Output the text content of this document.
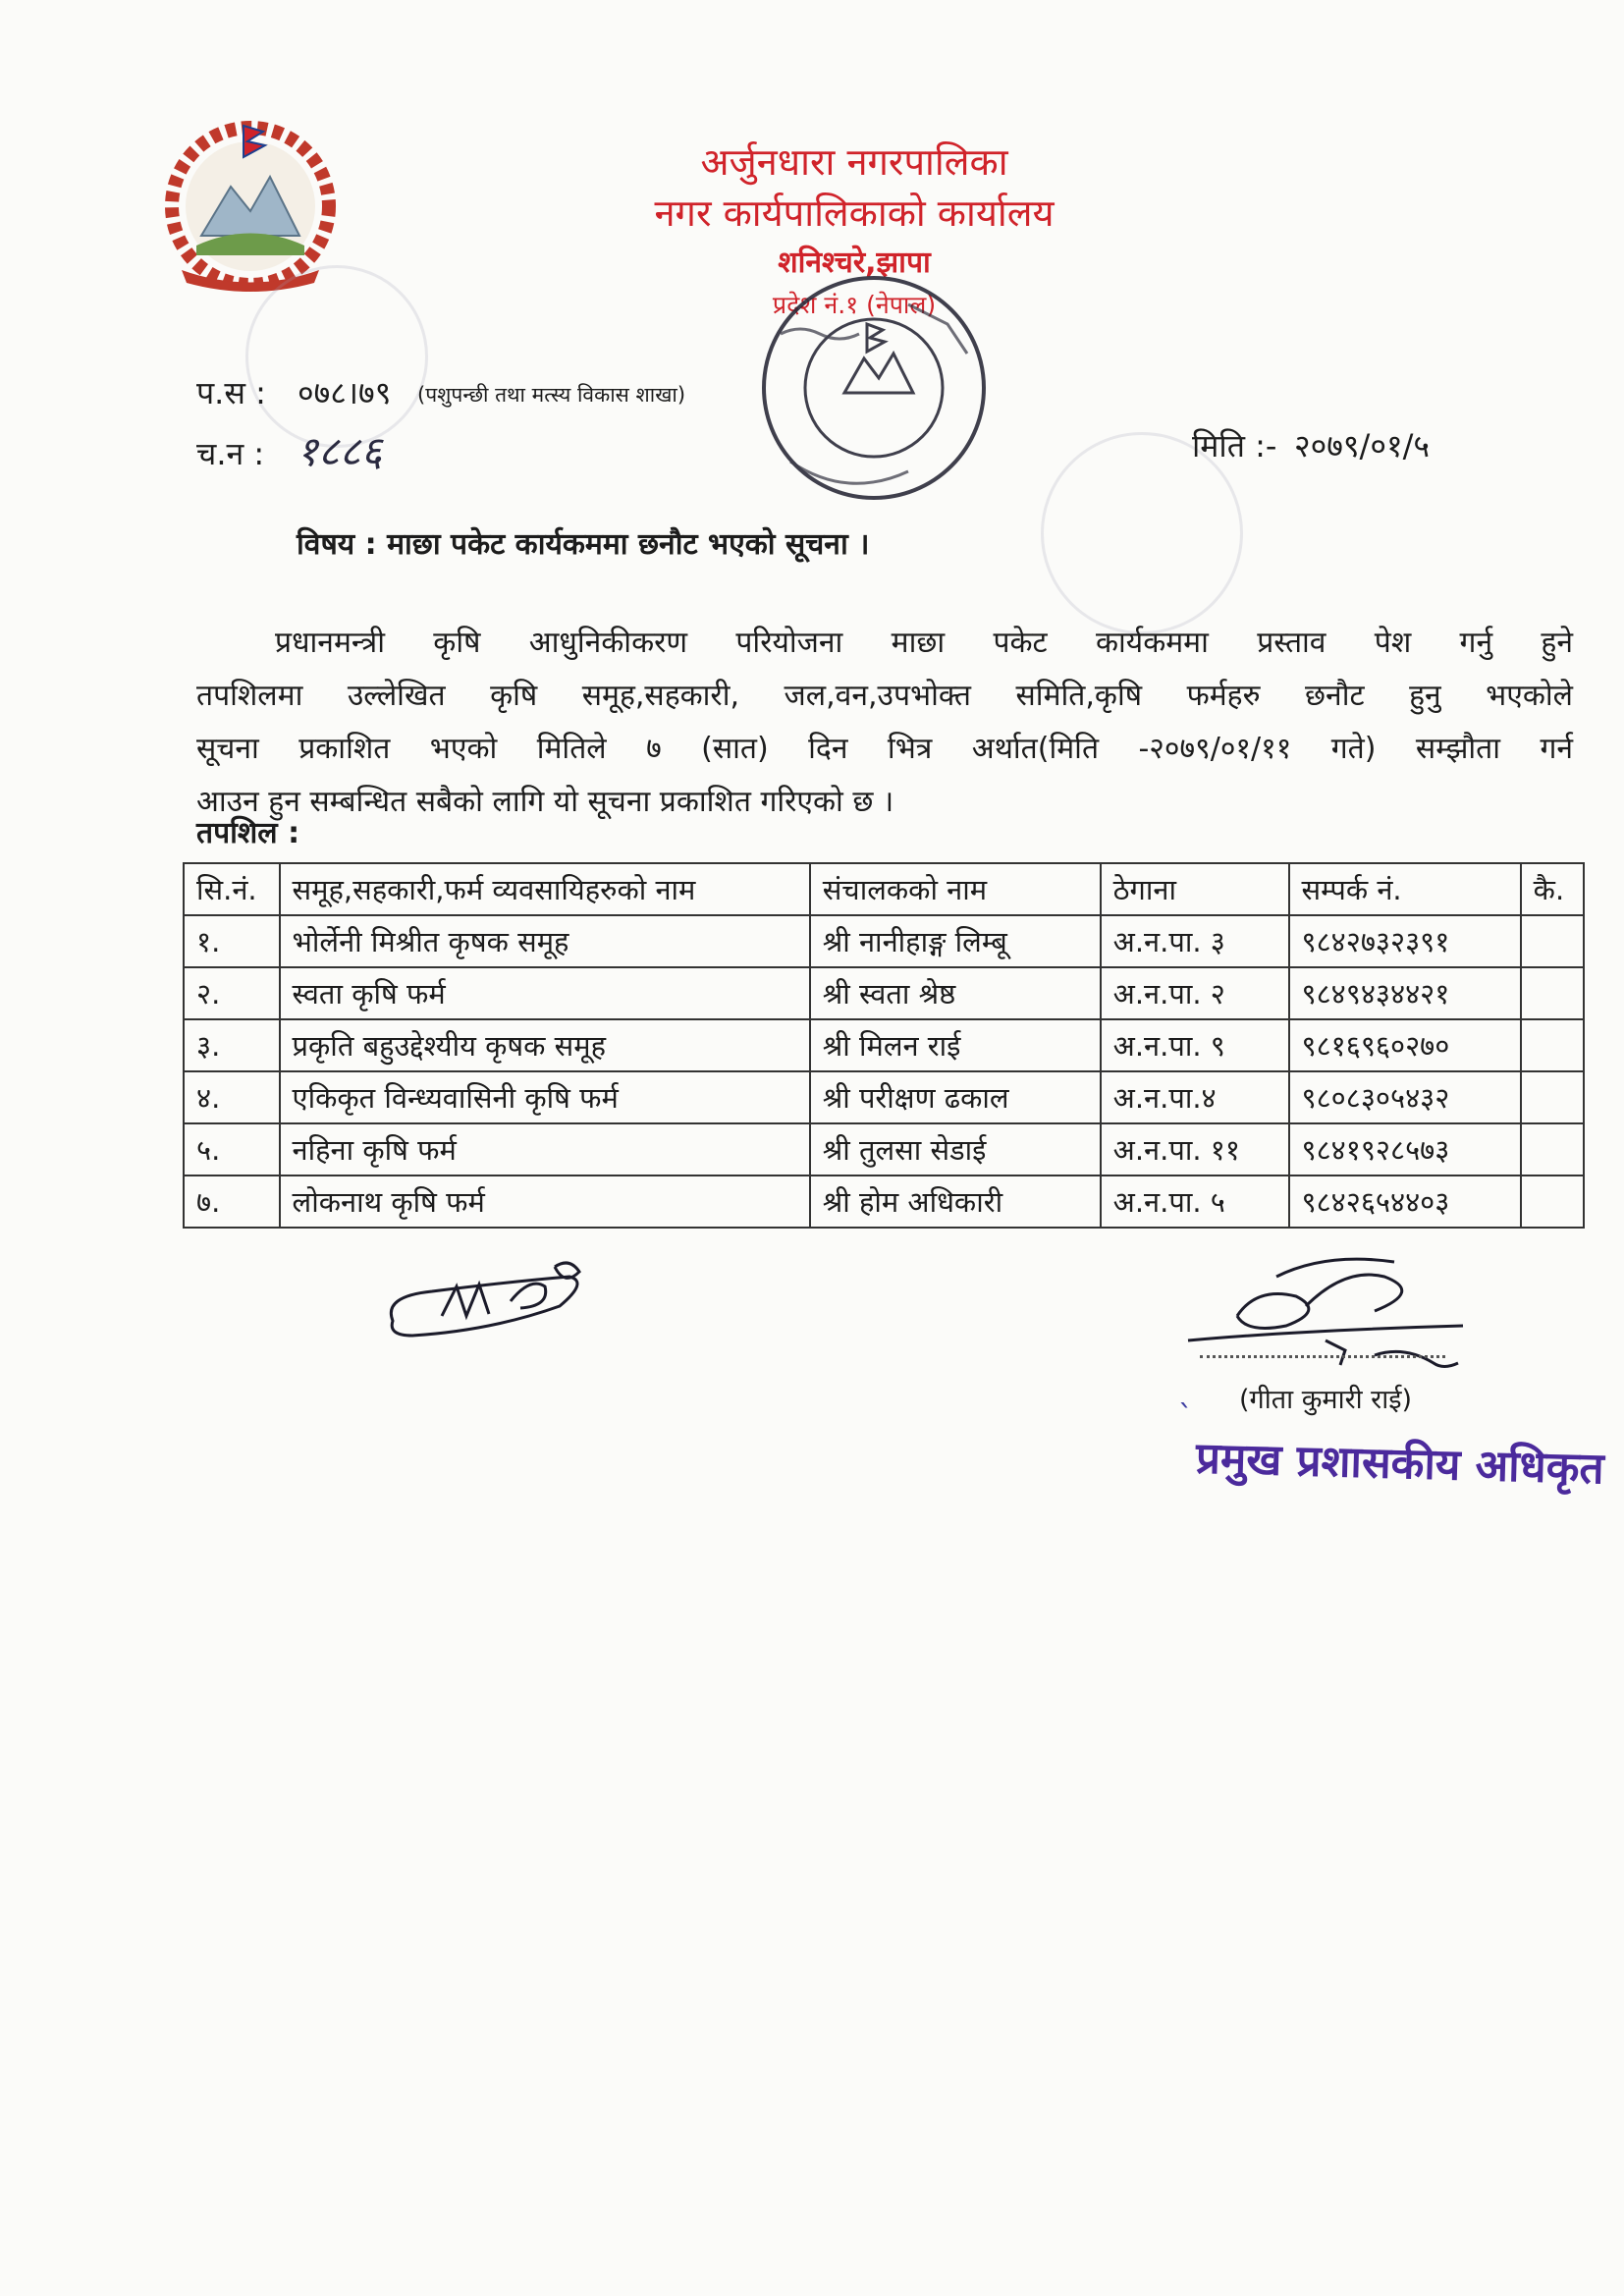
अर्जुनधारा नगरपालिका
नगर कार्यपालिकाको कार्यालय
शनिश्चरे,झापा
प्रदेश नं.१ (नेपाल)
प.स : ०७८।७९ (पशुपन्छी तथा मत्स्य विकास शाखा)
च.न : १८८६	मिति :- २०७९/०१/५
विषय : माछा पकेट कार्यकममा छनौट भएको सूचना ।

प्रधानमन्त्री कृषि आधुनिकीकरण परियोजना माछा पकेट कार्यकममा प्रस्ताव पेश गर्नु हुने
तपशिलमा उल्लेखित कृषि समूह,सहकारी, जल,वन,उपभोक्त समिति,कृषि फर्महरु छनौट हुनु भएकोले
सूचना प्रकाशित भएको मितिले ७ (सात) दिन भित्र अर्थात(मिति -२०७९/०१/११ गते) सम्झौता गर्न
आउन हुन सम्बन्धित सबैको लागि यो सूचना प्रकाशित गरिएको छ ।

तपशिल :
सि.नं.	समूह,सहकारी,फर्म व्यवसायिहरुको नाम	संचालकको नाम	ठेगाना	सम्पर्क नं.	कै.
१.	भोर्लेनी मिश्रीत कृषक समूह	श्री नानीहाङ्ग लिम्बू	अ.न.पा. ३	९८४२७३२३९१	
२.	स्वता कृषि फर्म	श्री स्वता श्रेष्ठ	अ.न.पा. २	९८४९४३४४२१	
३.	प्रकृति बहुउद्देश्यीय कृषक समूह	श्री मिलन राई	अ.न.पा. ९	९८१६९६०२७०	
४.	एकिकृत विन्ध्यवासिनी कृषि फर्म	श्री परीक्षण ढकाल	अ.न.पा.४	९८०८३०५४३२	
५.	नहिना कृषि फर्म	श्री तुलसा सेडाई	अ.न.पा. ११	९८४१९२८५७३	
७.	लोकनाथ कृषि फर्म	श्री होम अधिकारी	अ.न.पा. ५	९८४२६५४४०३	
` (गीता कुमारी राई)
प्रमुख प्रशासकीय अधिकृत
